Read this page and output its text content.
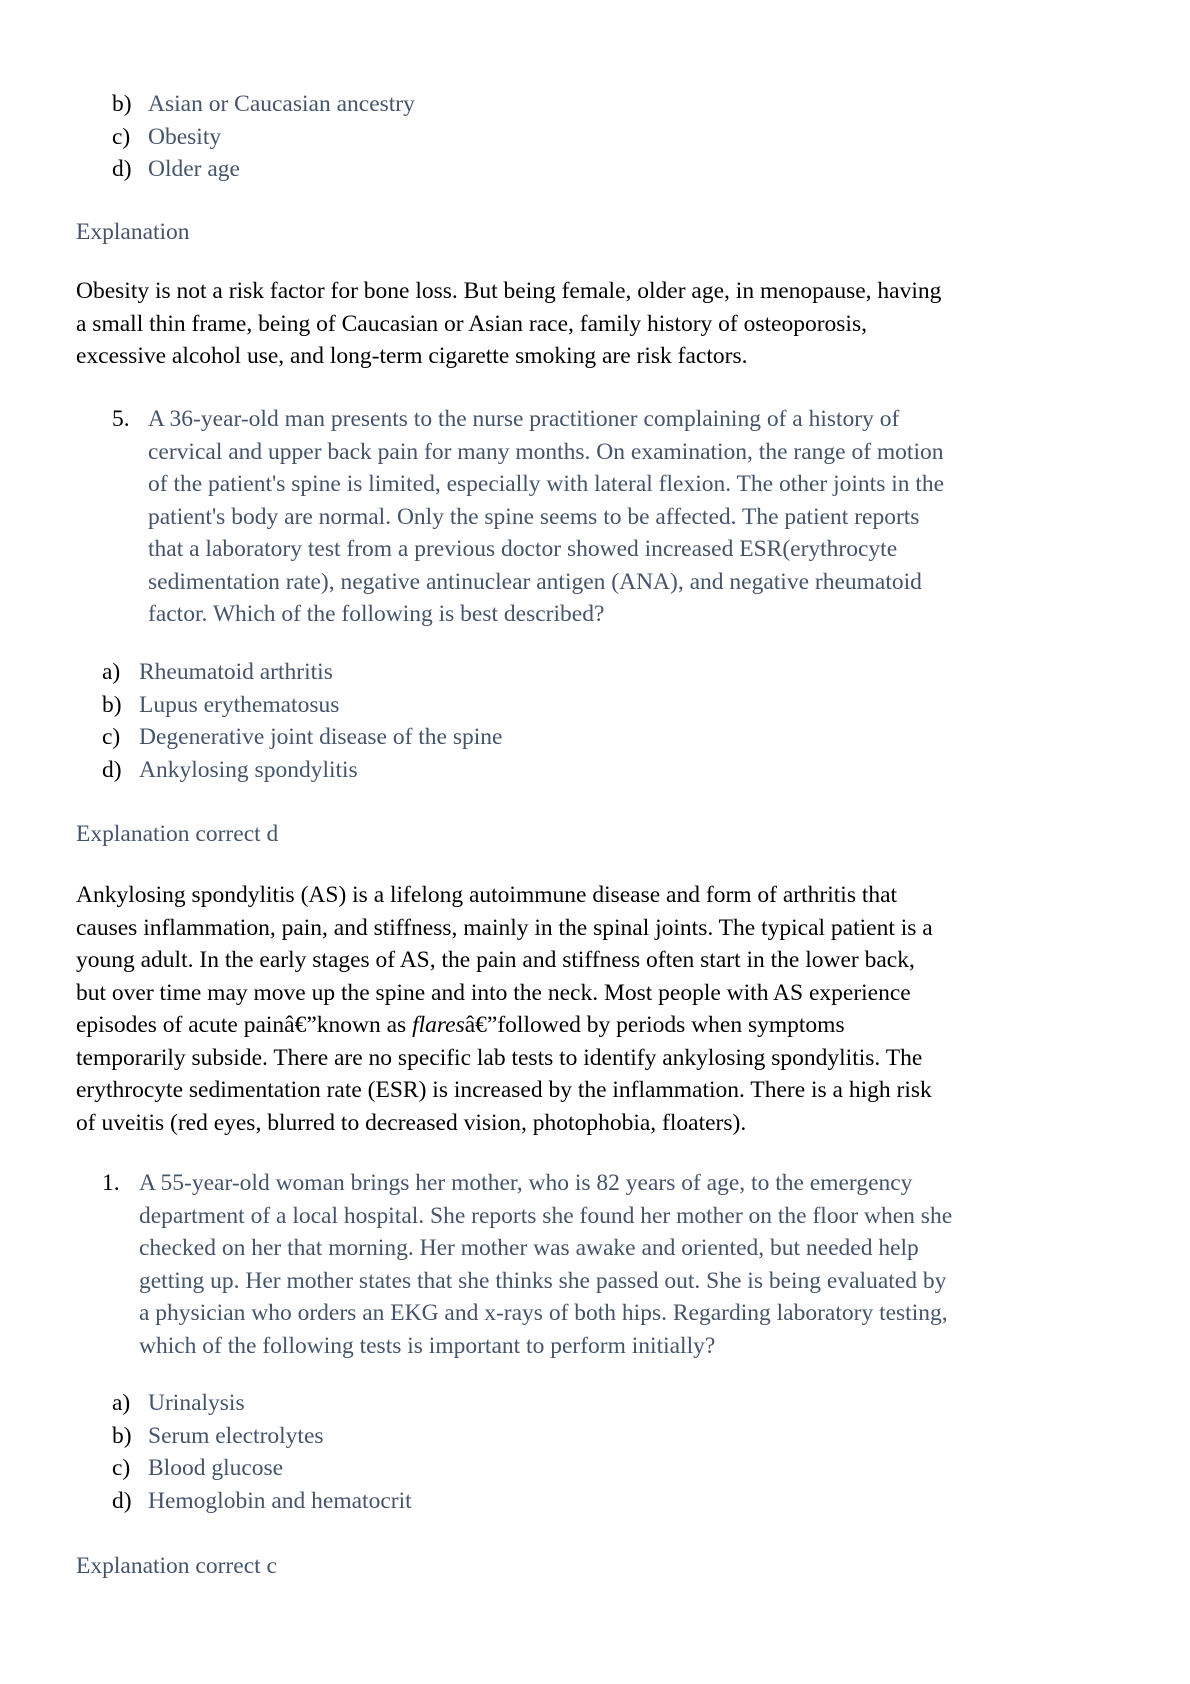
b) Asian or Caucasian ancestry
c) Obesity
d) Older age
Explanation
Obesity is not a risk factor for bone loss. But being female, older age, in menopause, having
a small thin frame, being of Caucasian or Asian race, family history of osteoporosis,
excessive alcohol use, and long-term cigarette smoking are risk factors.
5. A 36-year-old man presents to the nurse practitioner complaining of a history of
cervical and upper back pain for many months. On examination, the range of motion
of the patient's spine is limited, especially with lateral flexion. The other joints in the
patient's body are normal. Only the spine seems to be affected. The patient reports
that a laboratory test from a previous doctor showed increased ESR(erythrocyte
sedimentation rate), negative antinuclear antigen (ANA), and negative rheumatoid
factor. Which of the following is best described?
a) Rheumatoid arthritis
b) Lupus erythematosus
c) Degenerative joint disease of the spine
d) Ankylosing spondylitis
Explanation correct d
Ankylosing spondylitis (AS) is a lifelong autoimmune disease and form of arthritis that
causes inflammation, pain, and stiffness, mainly in the spinal joints. The typical patient is a
young adult. In the early stages of AS, the pain and stiffness often start in the lower back,
but over time may move up the spine and into the neck. Most people with AS experience
episodes of acute painâ€”known as flaresâ€”followed by periods when symptoms
temporarily subside. There are no specific lab tests to identify ankylosing spondylitis. The
erythrocyte sedimentation rate (ESR) is increased by the inflammation. There is a high risk
of uveitis (red eyes, blurred to decreased vision, photophobia, floaters).
1. A 55-year-old woman brings her mother, who is 82 years of age, to the emergency
department of a local hospital. She reports she found her mother on the floor when she
checked on her that morning. Her mother was awake and oriented, but needed help
getting up. Her mother states that she thinks she passed out. She is being evaluated by
a physician who orders an EKG and x-rays of both hips. Regarding laboratory testing,
which of the following tests is important to perform initially?
a) Urinalysis
b) Serum electrolytes
c) Blood glucose
d) Hemoglobin and hematocrit
Explanation correct c
